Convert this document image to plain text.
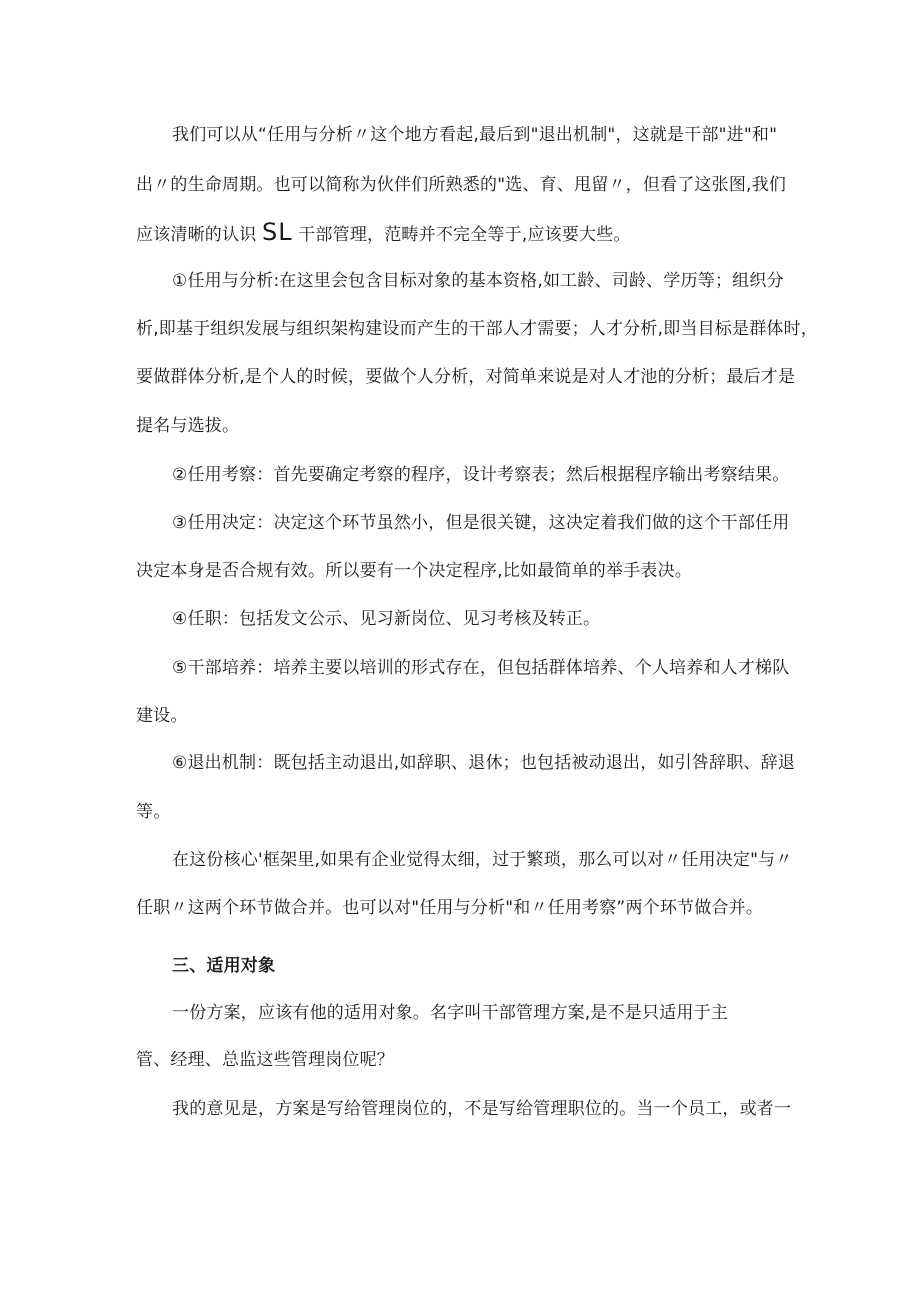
我们可以从“任用与分析〃这个地方看起,最后到"退出机制"，这就是干部"进"和"
出〃的生命周期。也可以简称为伙伴们所熟悉的"选、育、甩留〃，但看了这张图,我们
应该清晰的认识 SL 干部管理，范畴并不完全等于,应该要大些。
①任用与分析:在这里会包含目标对象的基本资格,如工龄、司龄、学历等；组织分
析,即基于组织发展与组织架构建设而产生的干部人才需要；人才分析,即当目标是群体时，
要做群体分析,是个人的时候，要做个人分析，对简单来说是对人才池的分析；最后才是
提名与选拔。
②任用考察：首先要确定考察的程序，设计考察表；然后根据程序输出考察结果。
③任用决定：决定这个环节虽然小，但是很关键，这决定着我们做的这个干部任用
决定本身是否合规有效。所以要有一个决定程序,比如最简单的举手表决。
④任职：包括发文公示、见习新岗位、见习考核及转正。
⑤干部培养：培养主要以培训的形式存在，但包括群体培养、个人培养和人才梯队
建设。
⑥退出机制：既包括主动退出,如辞职、退休；也包括被动退出，如引咎辞职、辞退
等。
在这份核心'框架里,如果有企业觉得太细，过于繁琐，那么可以对〃任用决定"与〃
任职〃这两个环节做合并。也可以对"任用与分析"和〃任用考察”两个环节做合并。
三、适用对象
一份方案，应该有他的适用对象。名字叫干部管理方案,是不是只适用于主
管、经理、总监这些管理岗位呢？
我的意见是，方案是写给管理岗位的，不是写给管理职位的。当一个员工，或者一
